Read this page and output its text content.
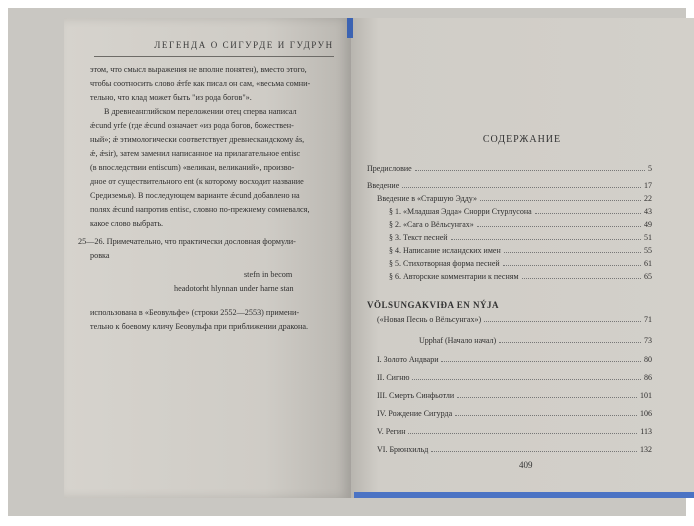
ЛЕГЕНДА О СИГУРДЕ И ГУДРУН
этом, что смысл выражения не вполне понятен), вместо этого,
чтобы соотносить слово ǽrfe как писал он сам, «весьма сомни-
тельно, что клад может быть "из рода богов"».
В древнеанглийском переложении отец сперва написал
ǽcund yrfe (где ǽcund означает «из рода богов, божествен-
ный»; ǽ этимологически соответствует древнескандскому ás,
ǽ, ǽsir), затем заменил написанное на прилагательное entisc
(в впоследствии entiscum) «великан, великаний», произво-
дное от существительного ent (к которому восходит название
Средиземья). В последующем варианте ǽcund добавлено на
полях ǽcund напротив entisc, словно по-прежнему сомневался,
какое слово выбрать.
25—26. Примечательно, что практически дословная формули-
ровка
stefn in becom
headotorht hlynnan under harne stan
использована в «Беовульфе» (строки 2552—2553) примени-
тельно к боевому кличу Беовульфа при приближении дракона.
СОДЕРЖАНИЕ
Предисловие	5
Введение	17
Введение в «Старшую Эдду»	22
§ 1. «Младшая Эдда» Снорри Стурлусона	43
§ 2. «Сага о Вёльсунгах»	49
§ 3. Текст песней	51
§ 4. Написание исландских имен	55
§ 5. Стихотворная форма песней	61
§ 6. Авторские комментарии к песням	65
VÖLSUNGAKVIÐA EN NÝJA
(«Новая Песнь о Вёльсунгах»)	71
Upphaf (Начало начал)	73
I. Золото Андвари	80
II. Сигню	86
III. Смерть Синфьотли	101
IV. Рождение Сигурда	106
V. Регин	113
VI. Брюнхильд	132
409
